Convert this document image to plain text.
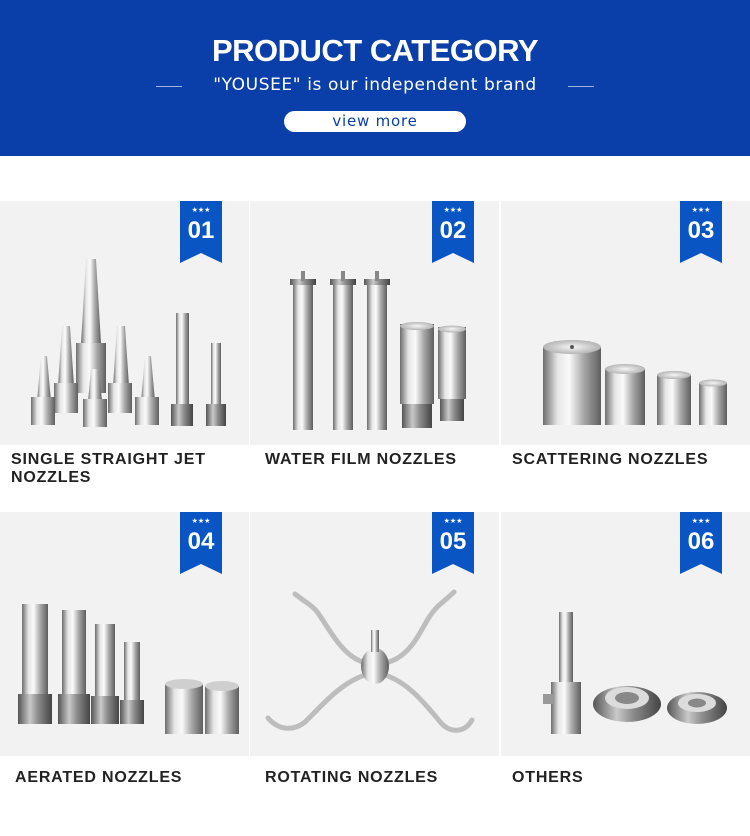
PRODUCT CATEGORY
"YOUSEE" is our independent brand
view more
SINGLE STRAIGHT JET NOZZLES
WATER FILM NOZZLES	SCATTERING NOZZLES
AERATED NOZZLES	ROTATING NOZZLES	OTHERS
★★★
01
★★★
02
★★★
03
★★★
04
★★★
05
★★★
06
